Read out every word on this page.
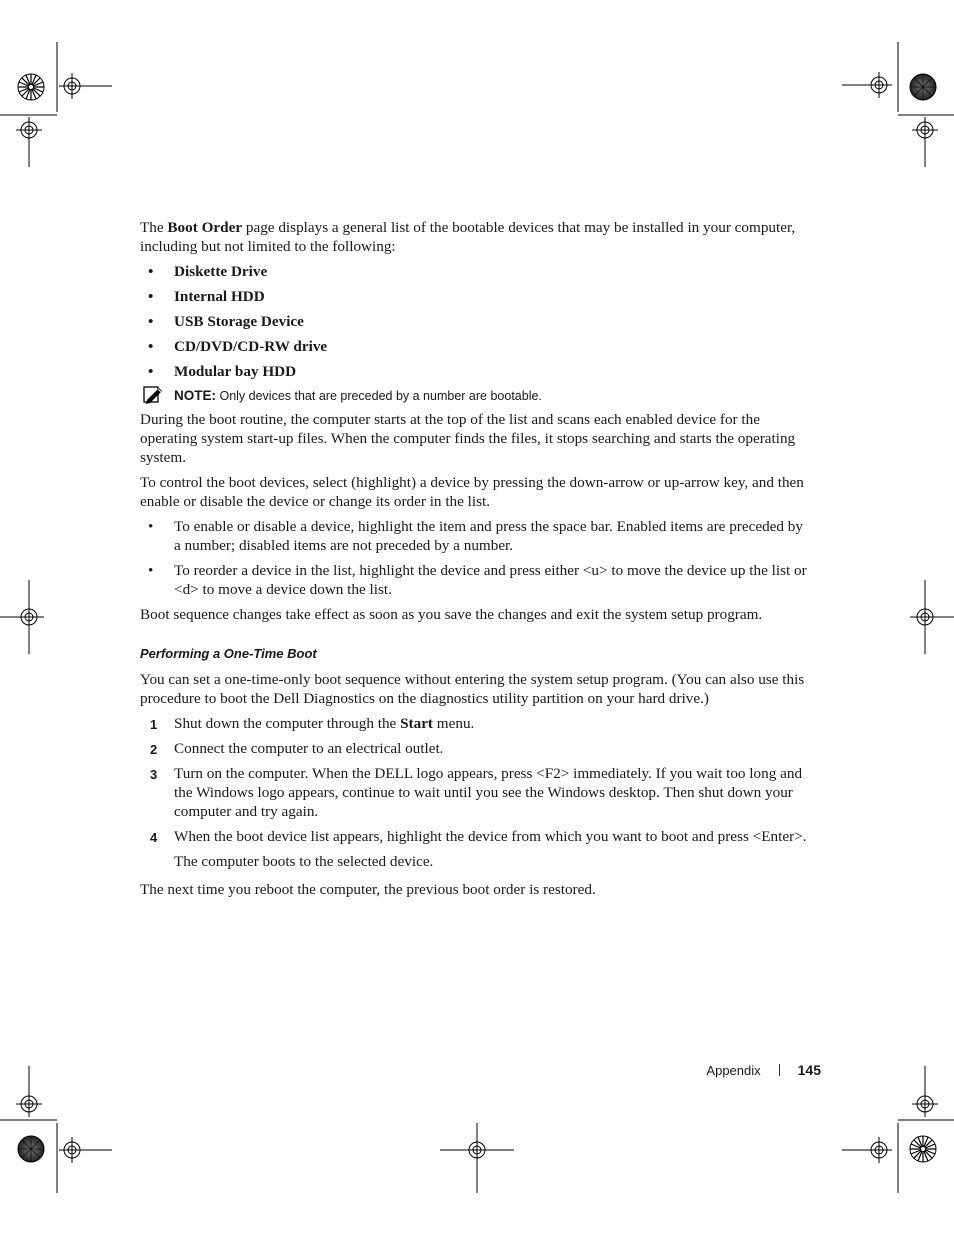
The Boot Order page displays a general list of the bootable devices that may be installed in your computer, including but not limited to the following:

• Diskette Drive
• Internal HDD
• USB Storage Device
• CD/DVD/CD-RW drive
• Modular bay HDD
NOTE: Only devices that are preceded by a number are bootable.

During the boot routine, the computer starts at the top of the list and scans each enabled device for the operating system start-up files. When the computer finds the files, it stops searching and starts the operating system.

To control the boot devices, select (highlight) a device by pressing the down-arrow or up-arrow key, and then enable or disable the device or change its order in the list.

• To enable or disable a device, highlight the item and press the space bar. Enabled items are preceded by a number; disabled items are not preceded by a number.
• To reorder a device in the list, highlight the device and press either <u> to move the device up the list or <d> to move a device down the list.

Boot sequence changes take effect as soon as you save the changes and exit the system setup program.

Performing a One-Time Boot

You can set a one-time-only boot sequence without entering the system setup program. (You can also use this procedure to boot the Dell Diagnostics on the diagnostics utility partition on your hard drive.)

1 Shut down the computer through the Start menu.
2 Connect the computer to an electrical outlet.
3 Turn on the computer. When the DELL logo appears, press <F2> immediately. If you wait too long and the Windows logo appears, continue to wait until you see the Windows desktop. Then shut down your computer and try again.
4 When the boot device list appears, highlight the device from which you want to boot and press <Enter>.

The computer boots to the selected device.

The next time you reboot the computer, the previous boot order is restored.

Appendix	145
